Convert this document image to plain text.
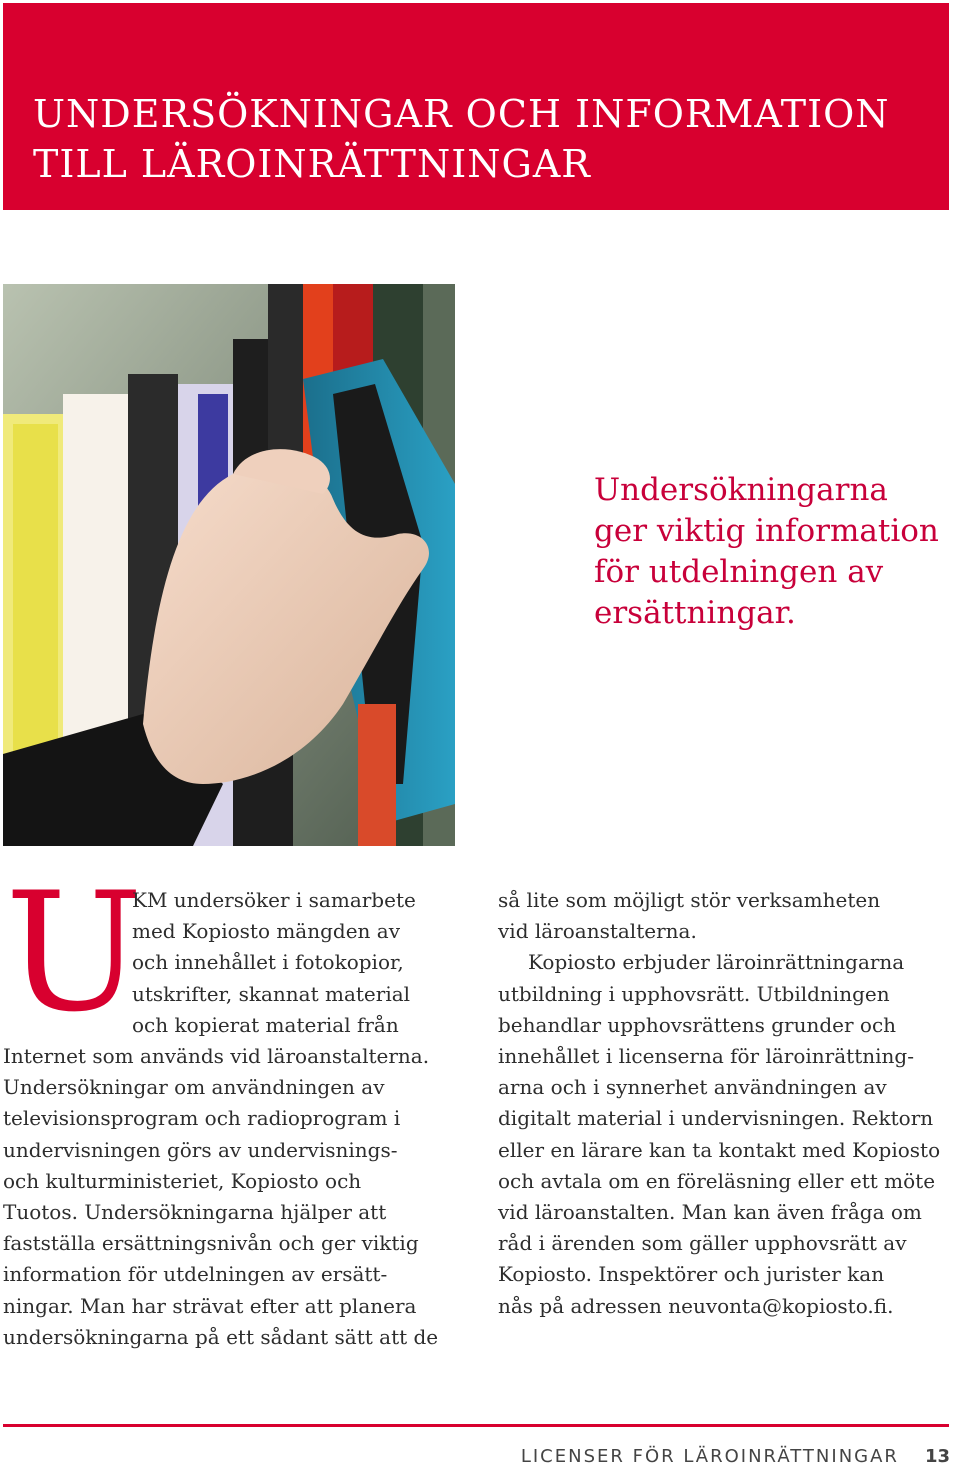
UNDERSÖKNINGAR OCH INFORMATION
TILL LÄROINRÄTTNINGAR
Undersökningarna
ger viktig information
för utdelningen av
ersättningar.
U
KM undersöker i samarbete
med Kopiosto mängden av
och innehållet i fotokopior,
utskrifter, skannat material
och kopierat material från
Internet som används vid läroanstalterna.
Undersökningar om användningen av
televisionsprogram och radioprogram i
undervisningen görs av undervisnings-
och kulturministeriet, Kopiosto och
Tuotos. Undersökningarna hjälper att
fastställa ersättningsnivån och ger viktig
information för utdelningen av ersätt-
ningar. Man har strävat efter att planera
undersökningarna på ett sådant sätt att de
så lite som möjligt stör verksamheten
vid läroanstalterna.
Kopiosto erbjuder läroinrättningarna
utbildning i upphovsrätt. Utbildningen
behandlar upphovsrättens grunder och
innehållet i licenserna för läroinrättning-
arna och i synnerhet användningen av
digitalt material i undervisningen. Rektorn
eller en lärare kan ta kontakt med Kopiosto
och avtala om en föreläsning eller ett möte
vid läroanstalten. Man kan även fråga om
råd i ärenden som gäller upphovsrätt av
Kopiosto. Inspektörer och jurister kan
nås på adressen neuvonta@kopiosto.fi.
LICENSER FÖR LÄROINRÄTTNINGAR 13
